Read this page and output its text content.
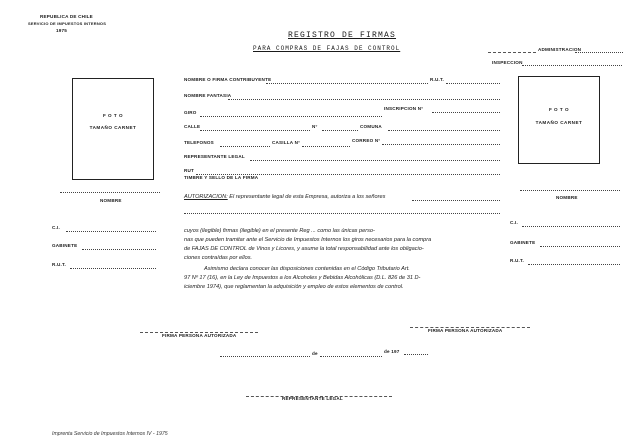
REPUBLICA DE CHILE
SERVICIO DE IMPUESTOS INTERNOS
1975
REGISTRO DE FIRMAS
PARA COMPRAS DE FAJAS DE CONTROL	ADMINISTRACION
INSPECCION
F O T O
TAMAÑO CARNET
NOMBRE
F O T O
TAMAÑO CARNET
NOMBRE
NOMBRE O FIRMA CONTRIBUYENTE	R.U.T.
NOMBRE FANTASIA
GIRO
INSCRIPCION N°
CALLE	N°	COMUNA
TELEFONOS	CASILLA N°	CORREO N°
REPRESENTANTE LEGAL
RUT
TIMBRE Y SELLO DE LA FIRMA
AUTORIZACION: El representante legal de esta Empresa, autoriza a los señores
cuyos (ilegible) firmas (ilegible) en el presente Reg ... como las únicas perso-
nas que pueden tramitar ante el Servicio de Impuestos Internos los giros necesarios para la compra
de FAJAS DE CONTROL de Vinos y Licores, y asume la total responsabilidad ante los obligacio-
ciones contraídas por ellos.
Asimismo declara conocer las disposiciones contenidas en el Código Tributario Art.
97 Nº 17 (16), en la Ley de Impuestos a los Alcoholes y Bebidas Alcohólicas (D.L. 826 de 31 D-
iciembre 1974), que reglamentan la adquisición y empleo de estos elementos de control.
C.I.
GABINETE
R.U.T.
C.I.
GABINETE
R.U.T.
FIRMA PERSONA AUTORIZADA
FIRMA PERSONA AUTORIZADA
de	de 197
REPRESENTANTE LEGAL
Imprenta Servicio de Impuestos Internos IV - 1975
